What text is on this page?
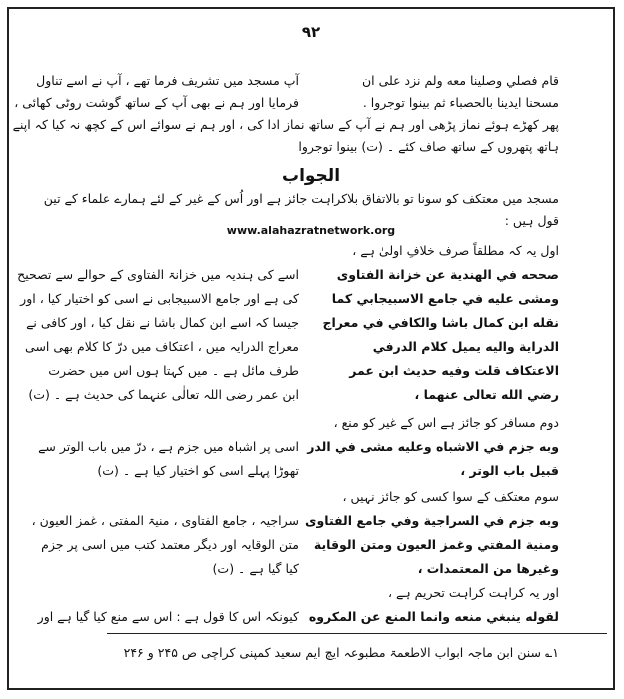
۹۲
قام فصلي وصلينا معه ولم نزد على ان
آپ مسجد میں تشریف فرما تھے ، آپ نے اسے تناول
مسحنا ايدينا بالحصباء ثم بينوا توجروا .
فرمایا اور ہم نے بھی آپ کے ساتھ گوشت روٹی کھائی ،
پھر کھڑے ہوئے نماز پڑھی اور ہم نے آپ کے ساتھ نماز ادا کی ، اور ہم نے سوائے اس کے کچھ نہ کیا کہ اپنے
ہاتھ پتھروں کے ساتھ صاف کئے ۔ (ت) بینوا توجروا
الجواب
مسجد میں معتکف کو سونا تو بالاتفاق بلاکراہت جائز ہے اور اُس کے غیر کے لئے ہمارے علماء کے تین
قول ہیں :
www.alahazratnetwork.org
اول یہ کہ مطلقاً صرف خلافِ اولیٰ ہے ،
صححه في الهندية عن خزانة الفتاوى
ومشى عليه في جامع الاسبيجابي كما
نقله ابن كمال باشا والكافي في معراج
الدراية واليه يميل كلام الدرفي
الاعتكاف قلت وفيه حديث ابن عمر
رضي الله تعالى عنهما ،
دوم مسافر کو جائز ہے اس کے غیر کو منع ،
وبه جزم في الاشباه وعليه مشى في الدر
قبيل باب الوتر ،
سوم معتکف کے سوا کسی کو جائز نہیں ،
وبه جزم في السراجية وفي جامع الفتاوى
ومنية المفتي وغمز العيون ومتن الوقاية
وغيرها من المعتمدات ،
اور یہ کراہت کراہت تحریم ہے ،
لقوله ينبغي منعه وانما المنع عن المكروه
اسے کی ہندیہ میں خزانۃ الفتاوی کے حوالے سے تصحیح
کی ہے اور جامع الاسبیجابی نے اسی کو اختیار کیا ، اور
جیسا کہ اسے ابن کمال باشا نے نقل کیا ، اور کافی نے
معراج الدرایہ میں ، اعتکاف میں درّ کا کلام بھی اسی
طرف مائل ہے ۔ میں کہتا ہوں اس میں حضرت
ابن عمر رضی اللہ تعالٰی عنہما کی حدیث ہے ۔ (ت)
اسی پر اشباہ میں جزم ہے ، درّ میں باب الوتر سے
تھوڑا پہلے اسی کو اختیار کیا ہے ۔ (ت)
سراجیہ ، جامع الفتاوی ، منیۃ المفتی ، غمز العیون ،
متن الوقایہ اور دیگر معتمد کتب میں اسی پر جزم
کیا گیا ہے ۔ (ت)
کیونکہ اس کا قول ہے : اس سے منع کیا گیا ہے اور
۱؎ سنن ابن ماجہ ابواب الاطعمۃ مطبوعہ ایچ ایم سعید کمپنی کراچی ص ۲۴۵ و ۲۴۶
